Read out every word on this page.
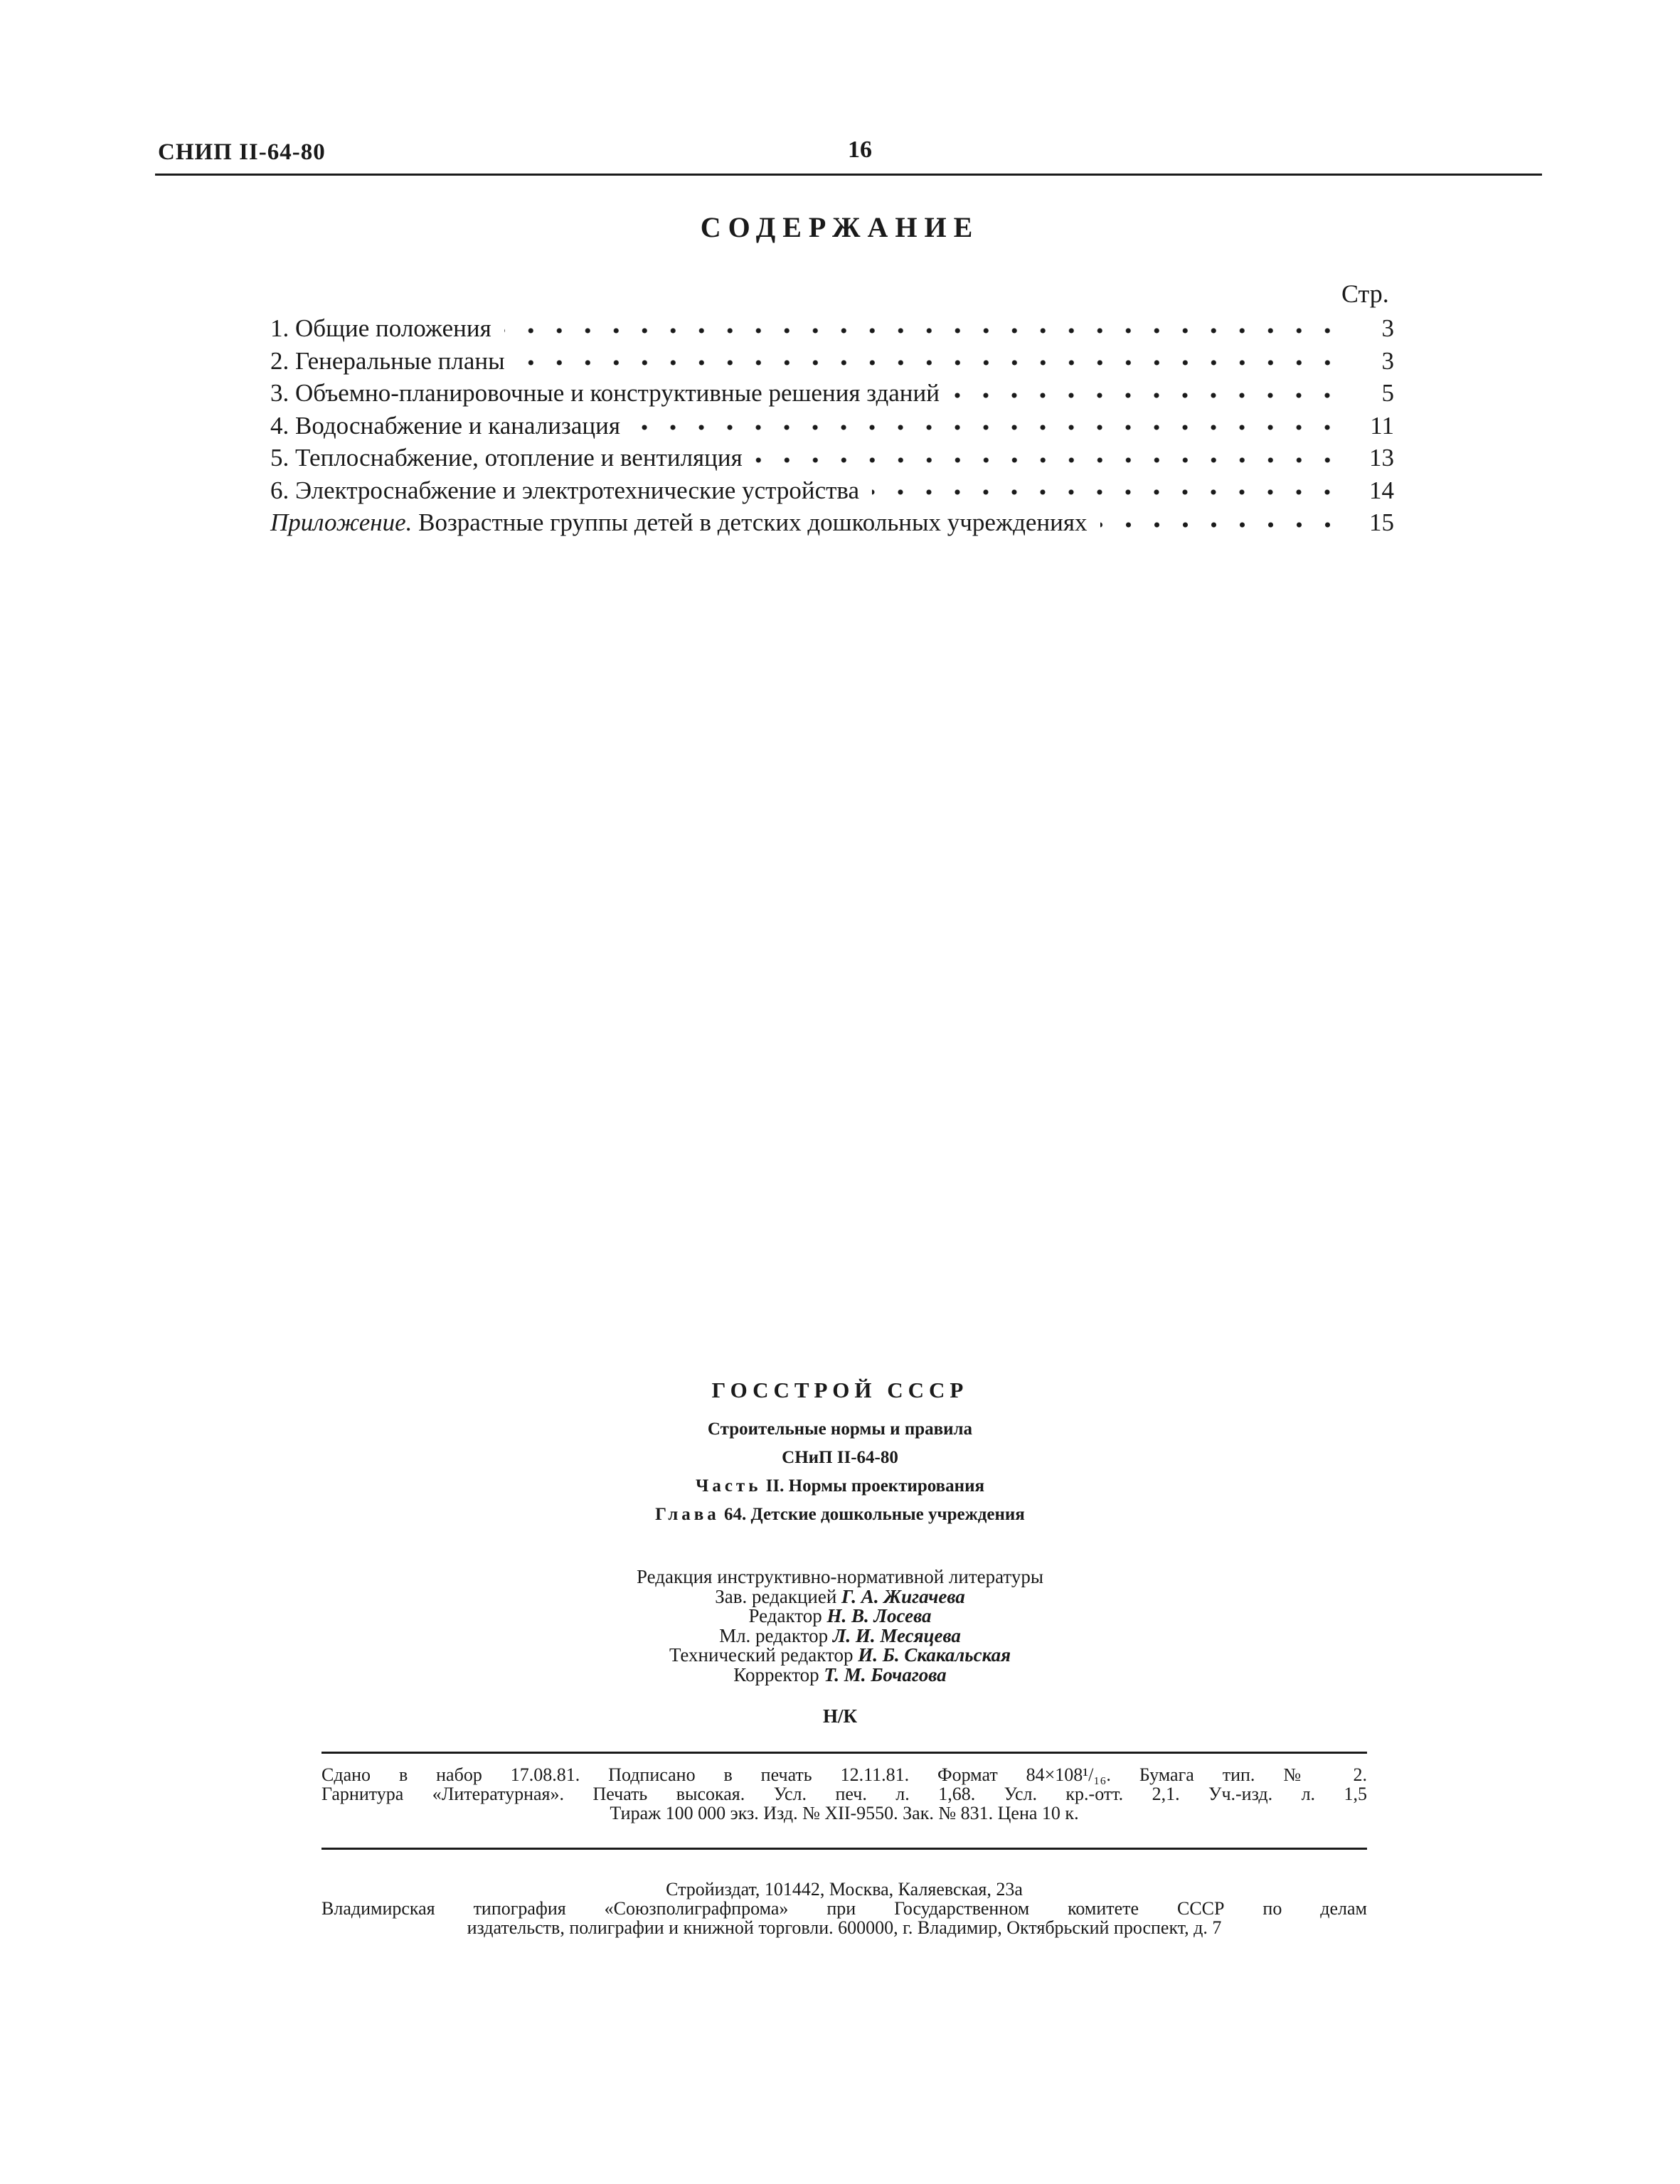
СНИП II-64-80	16
СОДЕРЖАНИЕ
Стр.
1. Общие положения	3
2. Генеральные планы	3
3. Объемно-планировочные и конструктивные решения зданий	5
4. Водоснабжение и канализация	11
5. Теплоснабжение, отопление и вентиляция	13
6. Электроснабжение и электротехнические устройства	14
Приложение. Возрастные группы детей в детских дошкольных учреждениях	15
ГОССТРОЙ СССР
Строительные нормы и правила
СНиП II-64-80
Часть II. Нормы проектирования
Глава 64. Детские дошкольные учреждения
Редакция инструктивно-нормативной литературы
Зав. редакцией Г. А. Жигачева
Редактор Н. В. Лосева
Мл. редактор Л. И. Месяцева
Технический редактор И. Б. Скакальская
Корректор Т. М. Бочагова
Н/К
Сдано в набор 17.08.81. Подписано в печать 12.11.81. Формат 84×108¹/₁₆. Бумага тип. № 2.
Гарнитура «Литературная». Печать высокая. Усл. печ. л. 1,68. Усл. кр.-отт. 2,1. Уч.-изд. л. 1,5
Тираж 100 000 экз. Изд. № XII-9550. Зак. № 831. Цена 10 к.
Стройиздат, 101442, Москва, Каляевская, 23а
Владимирская типография «Союзполиграфпрома» при Государственном комитете СССР по делам
издательств, полиграфии и книжной торговли. 600000, г. Владимир, Октябрьский проспект, д. 7
